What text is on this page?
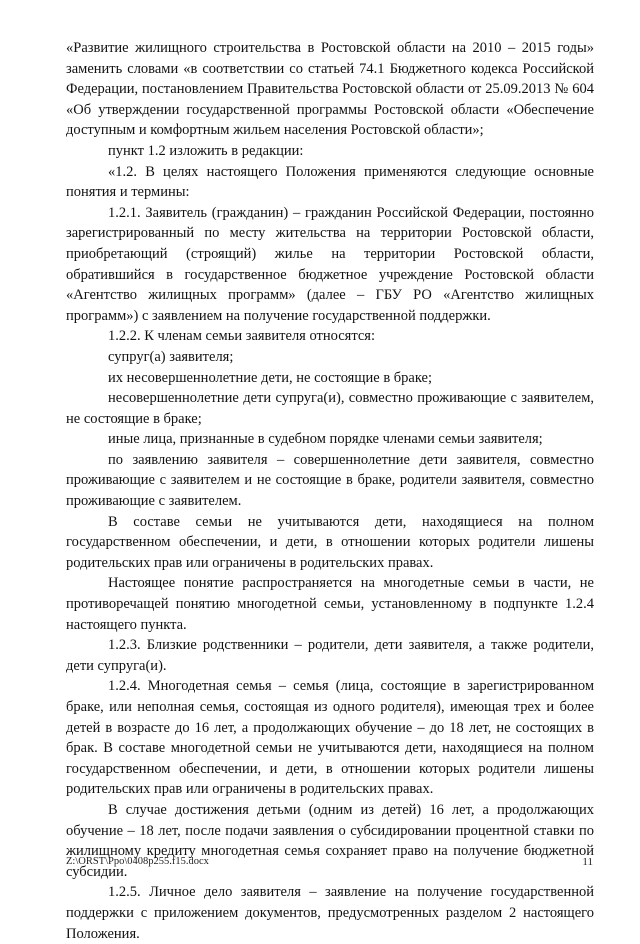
«Развитие жилищного строительства в Ростовской области на 2010 – 2015 годы» заменить словами «в соответствии со статьей 74.1 Бюджетного кодекса Российской Федерации, постановлением Правительства Ростовской области от 25.09.2013 № 604 «Об утверждении государственной программы Ростовской области «Обеспечение доступным и комфортным жильем населения Ростовской области»;

пункт 1.2 изложить в редакции:

«1.2. В целях настоящего Положения применяются следующие основные понятия и термины:

1.2.1. Заявитель (гражданин) – гражданин Российской Федерации, постоянно зарегистрированный по месту жительства на территории Ростовской области, приобретающий (строящий) жилье на территории Ростовской области, обратившийся в государственное бюджетное учреждение Ростовской области «Агентство жилищных программ» (далее – ГБУ РО «Агентство жилищных программ») с заявлением на получение государственной поддержки.

1.2.2. К членам семьи заявителя относятся:

супруг(а) заявителя;

их несовершеннолетние дети, не состоящие в браке;

несовершеннолетние дети супруга(и), совместно проживающие с заявителем, не состоящие в браке;

иные лица, признанные в судебном порядке членами семьи заявителя;

по заявлению заявителя – совершеннолетние дети заявителя, совместно проживающие с заявителем и не состоящие в браке, родители заявителя, совместно проживающие с заявителем.

В составе семьи не учитываются дети, находящиеся на полном государственном обеспечении, и дети, в отношении которых родители лишены родительских прав или ограничены в родительских правах.

Настоящее понятие распространяется на многодетные семьи в части, не противоречащей понятию многодетной семьи, установленному в подпункте 1.2.4 настоящего пункта.

1.2.3. Близкие родственники – родители, дети заявителя, а также родители, дети супруга(и).

1.2.4. Многодетная семья – семья (лица, состоящие в зарегистрированном браке, или неполная семья, состоящая из одного родителя), имеющая трех и более детей в возрасте до 16 лет, а продолжающих обучение – до 18 лет, не состоящих в брак. В составе многодетной семьи не учитываются дети, находящиеся на полном государственном обеспечении, и дети, в отношении которых родители лишены родительских прав или ограничены в родительских правах.

В случае достижения детьми (одним из детей) 16 лет, а продолжающих обучение – 18 лет, после подачи заявления о субсидировании процентной ставки по жилищному кредиту многодетная семья сохраняет право на получение бюджетной субсидии.

1.2.5. Личное дело заявителя – заявление на получение государственной поддержки с приложением документов, предусмотренных разделом 2 настоящего Положения.

Z:\ORST\Ppo\0408p255.f15.docx	11
